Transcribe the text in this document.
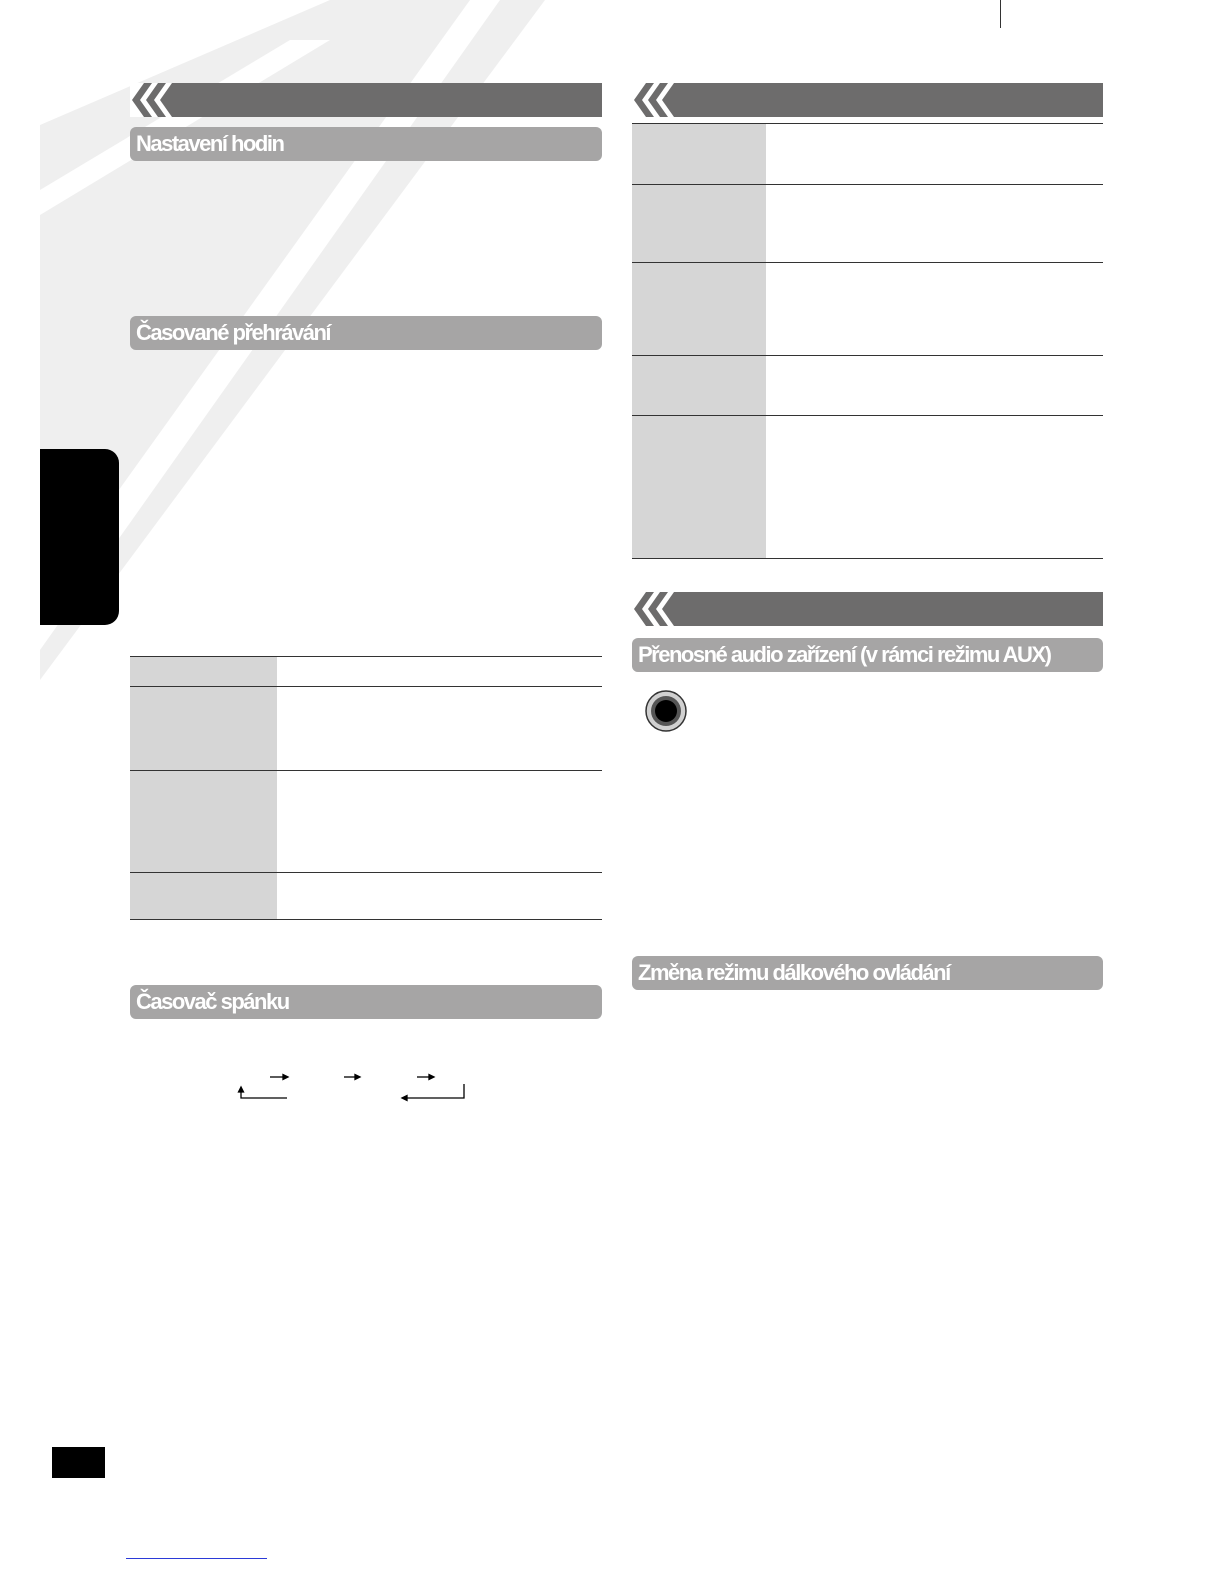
Nastavení hodin
Časované přehrávání
Časovač spánku
Přenosné audio zařízení (v rámci režimu AUX)
Změna režimu dálkového ovládání
